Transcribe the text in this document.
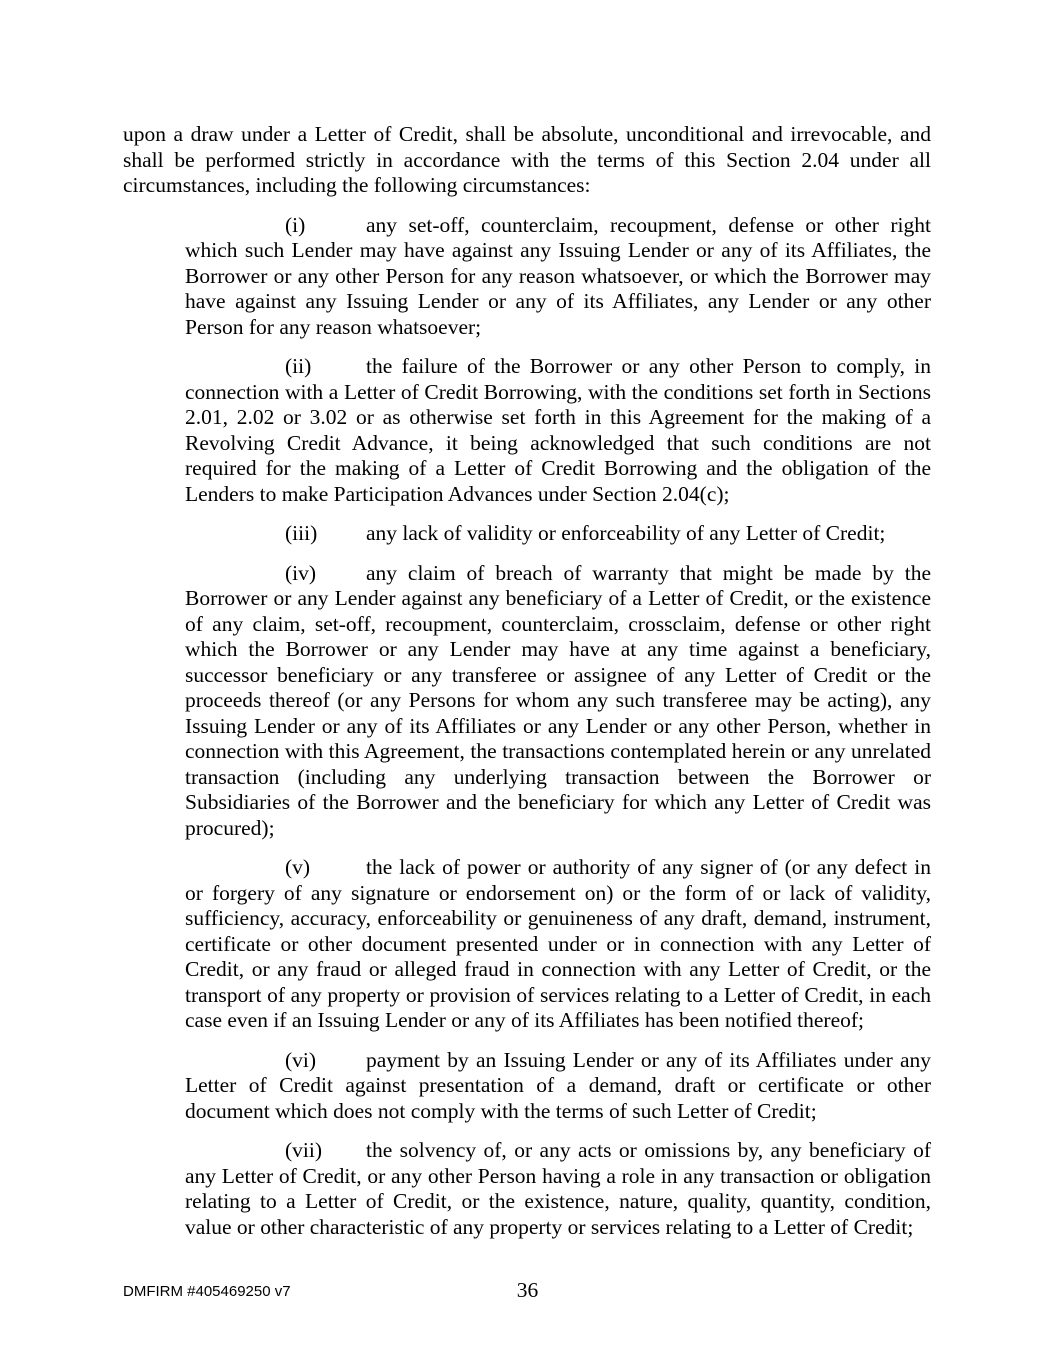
upon a draw under a Letter of Credit, shall be absolute, unconditional and irrevocable, and shall be performed strictly in accordance with the terms of this Section 2.04 under all circumstances, including the following circumstances:

(i)	any set-off, counterclaim, recoupment, defense or other right which such Lender may have against any Issuing Lender or any of its Affiliates, the Borrower or any other Person for any reason whatsoever, or which the Borrower may have against any Issuing Lender or any of its Affiliates, any Lender or any other Person for any reason whatsoever;

(ii)	the failure of the Borrower or any other Person to comply, in connection with a Letter of Credit Borrowing, with the conditions set forth in Sections 2.01, 2.02 or 3.02 or as otherwise set forth in this Agreement for the making of a Revolving Credit Advance, it being acknowledged that such conditions are not required for the making of a Letter of Credit Borrowing and the obligation of the Lenders to make Participation Advances under Section 2.04(c);

(iii) any lack of validity or enforceability of any Letter of Credit;

(iv) any claim of breach of warranty that might be made by the Borrower or any Lender against any beneficiary of a Letter of Credit, or the existence of any claim, set-off, recoupment, counterclaim, crossclaim, defense or other right which the Borrower or any Lender may have at any time against a beneficiary, successor beneficiary or any transferee or assignee of any Letter of Credit or the proceeds thereof (or any Persons for whom any such transferee may be acting), any Issuing Lender or any of its Affiliates or any Lender or any other Person, whether in connection with this Agreement, the transactions contemplated herein or any unrelated transaction (including any underlying transaction between the Borrower or Subsidiaries of the Borrower and the beneficiary for which any Letter of Credit was procured);

(v)	the lack of power or authority of any signer of (or any defect in or forgery of any signature or endorsement on) or the form of or lack of validity, sufficiency, accuracy, enforceability or genuineness of any draft, demand, instrument, certificate or other document presented under or in connection with any Letter of Credit, or any fraud or alleged fraud in connection with any Letter of Credit, or the transport of any property or provision of services relating to a Letter of Credit, in each case even if an Issuing Lender or any of its Affiliates has been notified thereof;

(vi) payment by an Issuing Lender or any of its Affiliates under any Letter of Credit against presentation of a demand, draft or certificate or other document which does not comply with the terms of such Letter of Credit;

(vii) the solvency of, or any acts or omissions by, any beneficiary of any Letter of Credit, or any other Person having a role in any transaction or obligation relating to a Letter of Credit, or the existence, nature, quality, quantity, condition, value or other characteristic of any property or services relating to a Letter of Credit;

DMFIRM #405469250 v7	36
